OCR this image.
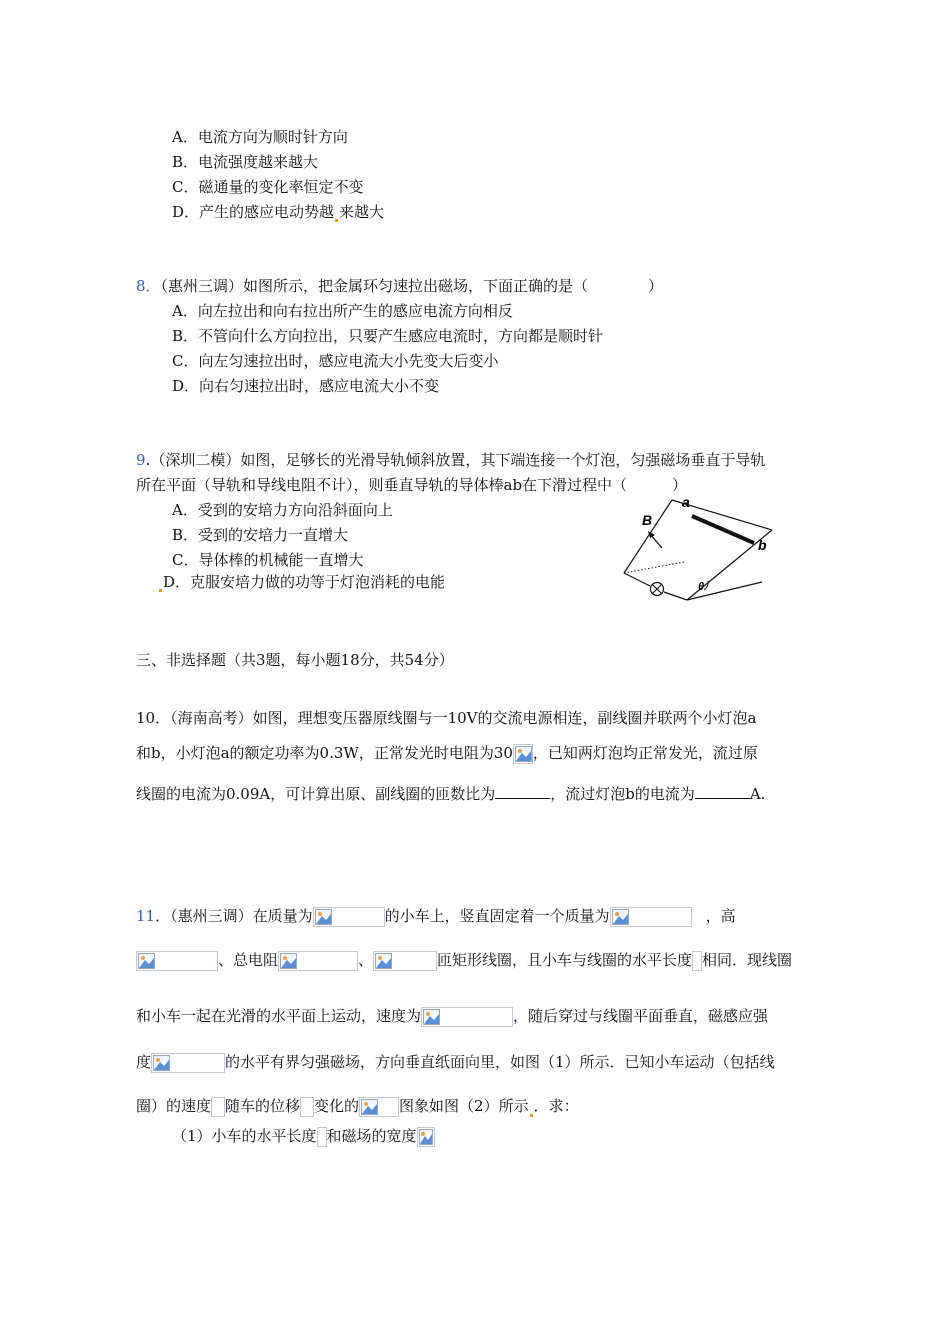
A．电流方向为顺时针方向
B．电流强度越来越大
C．磁通量的变化率恒定不变
D．产生的感应电动势越 来越大
8．（惠州三调）如图所示，把金属环匀速拉出磁场，下面正确的是（　　　　）
A．向左拉出和向右拉出所产生的感应电流方向相反
B．不管向什么方向拉出，只要产生感应电流时，方向都是顺时针
C．向左匀速拉出时，感应电流大小先变大后变小
D．向右匀速拉出时，感应电流大小不变
9.（深圳二模）如图，足够长的光滑导轨倾斜放置，其下端连接一个灯泡，匀强磁场垂直于导轨
所在平面（导轨和导线电阻不计），则垂直导轨的导体棒ab在下滑过程中（　　　）
A．受到的安培力方向沿斜面向上
B．受到的安培力一直增大
C．导体棒的机械能一直增大
D．克服安培力做的功等于灯泡消耗的电能
B
a
b
θ
三、非选择题（共3题，每小题18分，共54分）
10．（海南高考）如图，理想变压器原线圈与一10V的交流电源相连，副线圈并联两个小灯泡a
和b，小灯泡a的额定功率为0.3W，正常发光时电阻为30 ，已知两灯泡均正常发光，流过原
线圈的电流为0.09A，可计算出原、副线圈的匝数比为	，流过灯泡b的电流为	A.
11．（惠州三调）在质量为	的小车上，竖直固定着一个质量为	，高
、总电阻	、	匝矩形线圈，且小车与线圈的水平长度 相同．现线圈
和小车一起在光滑的水平面上运动，速度为	，随后穿过与线圈平面垂直，磁感应强
度	的水平有界匀强磁场，方向垂直纸面向里，如图（1）所示．已知小车运动（包括线
圈）的速度 随车的位移 变化的	图象如图（2）所示 ．求：
（1）小车的水平长度 和磁场的宽度
